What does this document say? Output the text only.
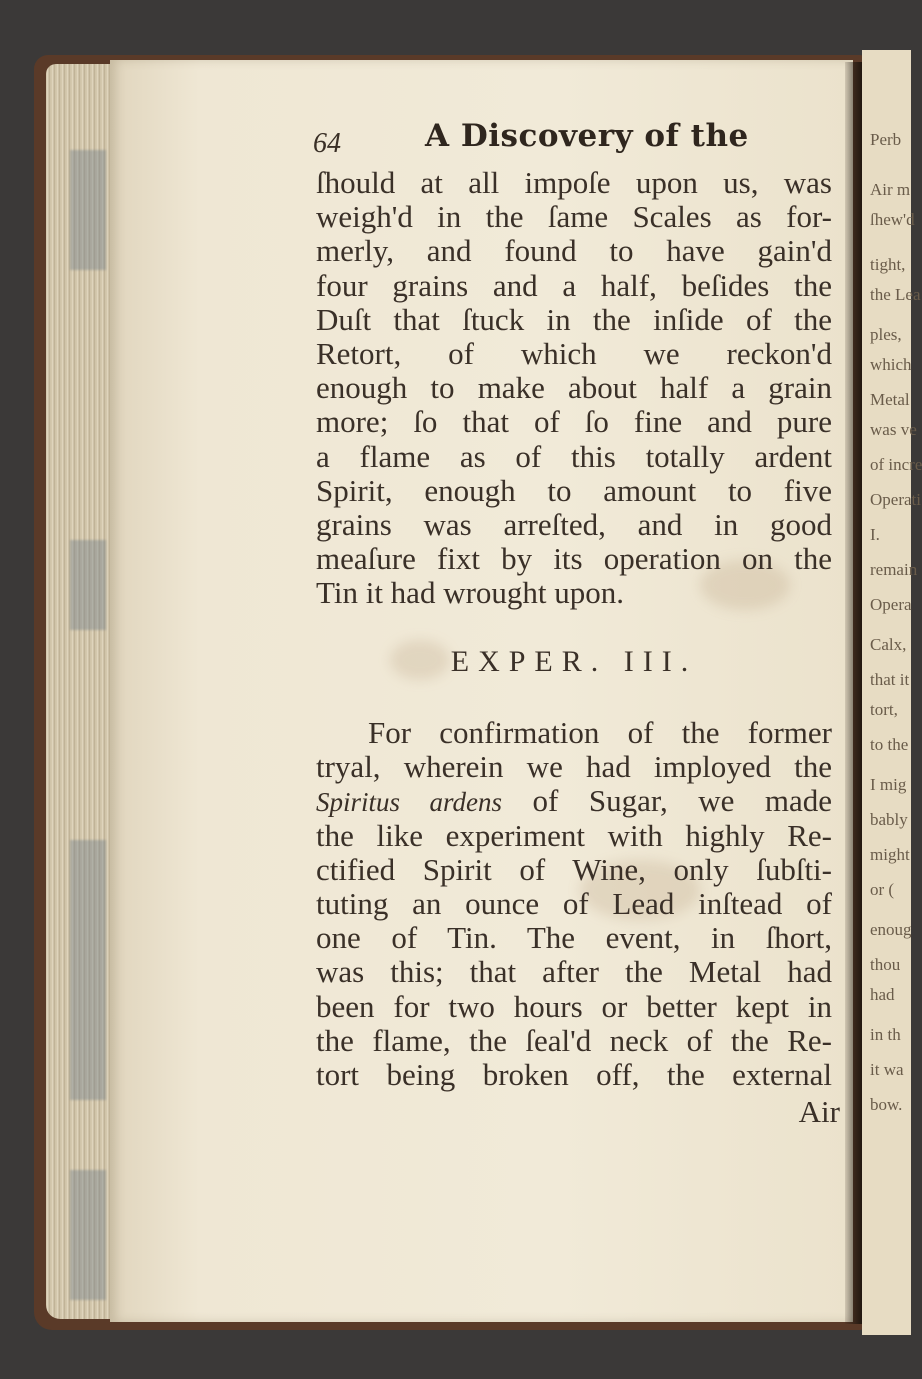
Perb
Air m
ſhew'd
tight,
the Lea
ples,
which
Metal
was ve
of incre
Operati
I.
remain
Opera
Calx,
that it
tort,
to the
I mig
bably
might
or (
enoug
thou
had
in th
it wa
bow.
64	A Discovery of the
ſhould at all impoſe upon us, was
weigh'd in the ſame Scales as for-
merly, and found to have gain'd
four grains and a half, beſides the
Duſt that ſtuck in the inſide of the
Retort, of which we reckon'd
enough to make about half a grain
more; ſo that of ſo fine and pure
a flame as of this totally ardent
Spirit, enough to amount to five
grains was arreſted, and in good
meaſure fixt by its operation on the
Tin it had wrought upon.
EXPER. III.
For confirmation of the former
tryal, wherein we had imployed the
Spiritus ardens of Sugar, we made
the like experiment with highly Re-
ctified Spirit of Wine, only ſubſti-
tuting an ounce of Lead inſtead of
one of Tin. The event, in ſhort,
was this; that after the Metal had
been for two hours or better kept in
the flame, the ſeal'd neck of the Re-
tort being broken off, the external
Air
